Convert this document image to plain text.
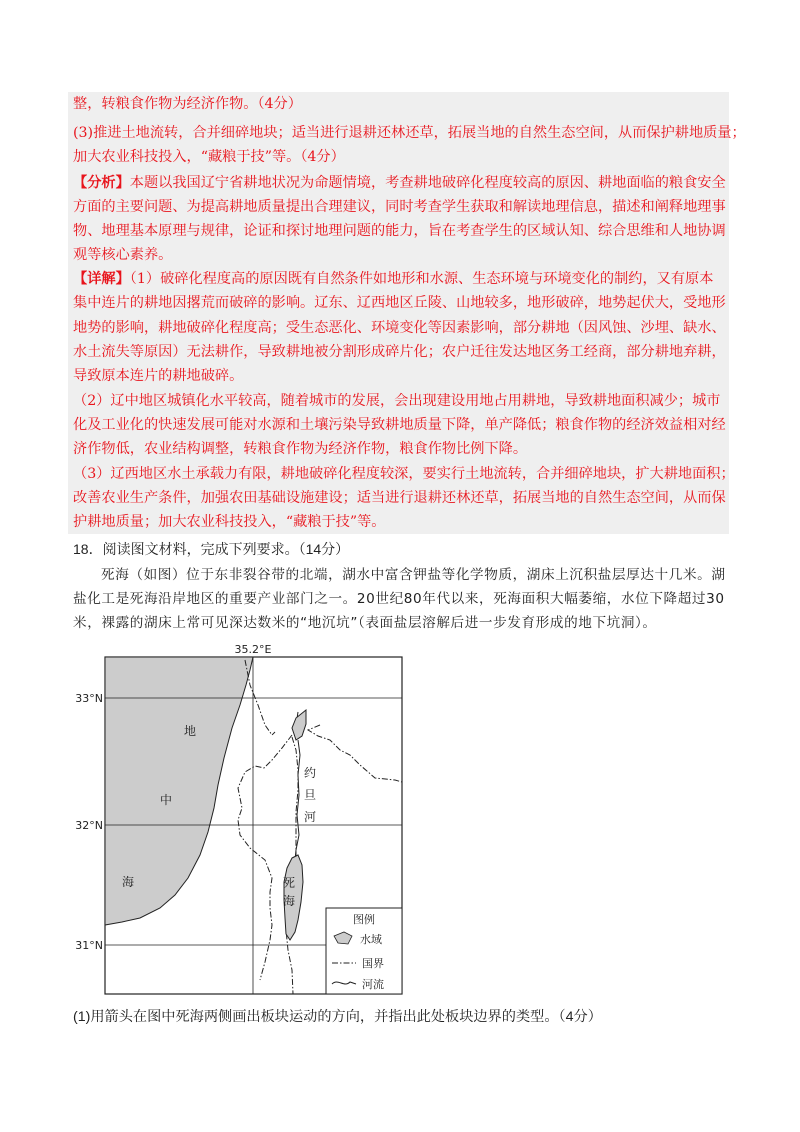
整，转粮食作物为经济作物。（4分）
(3)推进土地流转，合并细碎地块；适当进行退耕还林还草，拓展当地的自然生态空间，从而保护耕地质量；
加大农业科技投入，“藏粮于技”等。（4分）
【分析】本题以我国辽宁省耕地状况为命题情境，考查耕地破碎化程度较高的原因、耕地面临的粮食安全
方面的主要问题、为提高耕地质量提出合理建议，同时考查学生获取和解读地理信息，描述和阐释地理事
物、地理基本原理与规律，论证和探讨地理问题的能力，旨在考查学生的区域认知、综合思维和人地协调
观等核心素养。
【详解】（1）破碎化程度高的原因既有自然条件如地形和水源、生态环境与环境变化的制约，又有原本
集中连片的耕地因撂荒而破碎的影响。辽东、辽西地区丘陵、山地较多，地形破碎，地势起伏大，受地形
地势的影响，耕地破碎化程度高；受生态恶化、环境变化等因素影响，部分耕地（因风蚀、沙埋、缺水、
水土流失等原因）无法耕作，导致耕地被分割形成碎片化；农户迁往发达地区务工经商，部分耕地弃耕，
导致原本连片的耕地破碎。
（2）辽中地区城镇化水平较高，随着城市的发展，会出现建设用地占用耕地，导致耕地面积减少；城市
化及工业化的快速发展可能对水源和土壤污染导致耕地质量下降，单产降低；粮食作物的经济效益相对经
济作物低，农业结构调整，转粮食作物为经济作物，粮食作物比例下降。
（3）辽西地区水土承载力有限，耕地破碎化程度较深，要实行土地流转，合并细碎地块，扩大耕地面积；
改善农业生产条件，加强农田基础设施建设；适当进行退耕还林还草，拓展当地的自然生态空间，从而保
护耕地质量；加大农业科技投入，“藏粮于技”等。
18．阅读图文材料，完成下列要求。（14分）
死海（如图）位于东非裂谷带的北端，湖水中富含钾盐等化学物质，湖床上沉积盐层厚达十几米。湖
盐化工是死海沿岸地区的重要产业部门之一。20世纪80年代以来，死海面积大幅萎缩，水位下降超过30
米，裸露的湖床上常可见深达数米的“地沉坑”（表面盐层溶解后进一步发育形成的地下坑洞）。
图例
水域
国界
河流
35.2°E
33°N
32°N
31°N
地
中
海
约
旦
河
死
海
(1)用箭头在图中死海两侧画出板块运动的方向，并指出此处板块边界的类型。（4分）
